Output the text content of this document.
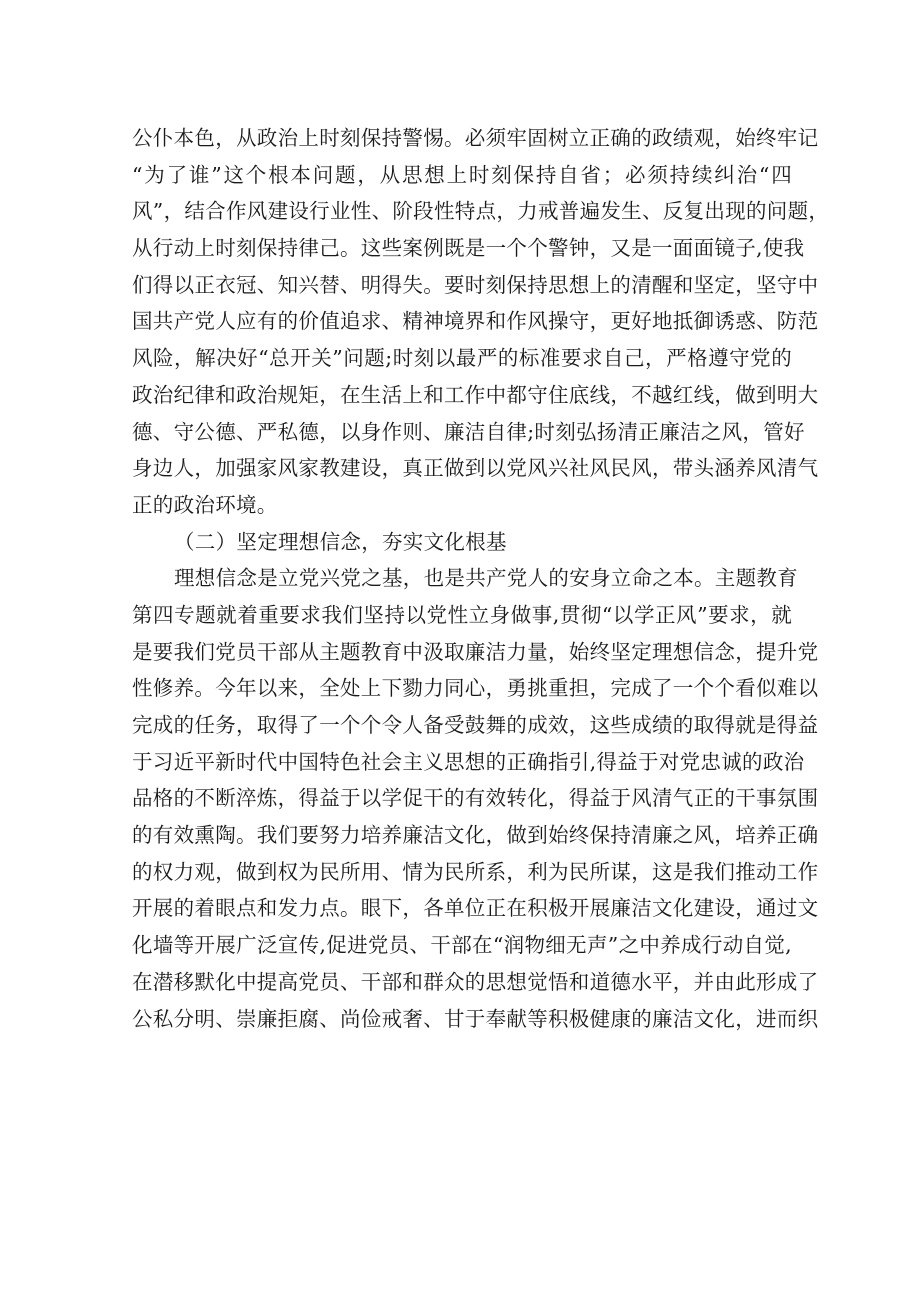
公仆本色，从政治上时刻保持警惕。必须牢固树立正确的政绩观，始终牢记
“为了谁”这个根本问题，从思想上时刻保持自省；必须持续纠治“四
风”，结合作风建设行业性、阶段性特点，力戒普遍发生、反复出现的问题，
从行动上时刻保持律己。这些案例既是一个个警钟，又是一面面镜子,使我
们得以正衣冠、知兴替、明得失。要时刻保持思想上的清醒和坚定，坚守中
国共产党人应有的价值追求、精神境界和作风操守，更好地抵御诱惑、防范
风险，解决好“总开关”问题;时刻以最严的标准要求自己，严格遵守党的
政治纪律和政治规矩，在生活上和工作中都守住底线，不越红线，做到明大
德、守公德、严私德，以身作则、廉洁自律;时刻弘扬清正廉洁之风，管好
身边人，加强家风家教建设，真正做到以党风兴社风民风，带头涵养风清气
正的政治环境。
（二）坚定理想信念，夯实文化根基
理想信念是立党兴党之基，也是共产党人的安身立命之本。主题教育
第四专题就着重要求我们坚持以党性立身做事,贯彻“以学正风”要求，就
是要我们党员干部从主题教育中汲取廉洁力量，始终坚定理想信念，提升党
性修养。今年以来，全处上下勠力同心，勇挑重担，完成了一个个看似难以
完成的任务，取得了一个个令人备受鼓舞的成效，这些成绩的取得就是得益
于习近平新时代中国特色社会主义思想的正确指引,得益于对党忠诚的政治
品格的不断淬炼，得益于以学促干的有效转化，得益于风清气正的干事氛围
的有效熏陶。我们要努力培养廉洁文化，做到始终保持清廉之风，培养正确
的权力观，做到权为民所用、情为民所系，利为民所谋，这是我们推动工作
开展的着眼点和发力点。眼下，各单位正在积极开展廉洁文化建设，通过文
化墙等开展广泛宣传,促进党员、干部在“润物细无声”之中养成行动自觉,
在潜移默化中提高党员、干部和群众的思想觉悟和道德水平，并由此形成了
公私分明、崇廉拒腐、尚俭戒奢、甘于奉献等积极健康的廉洁文化，进而织
